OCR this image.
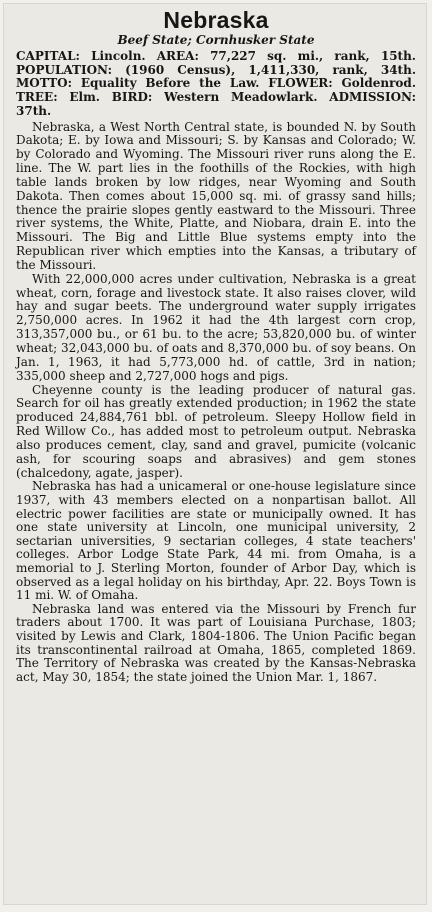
Nebraska
Beef State; Cornhusker State

CAPITAL: Lincoln. AREA: 77,227 sq. mi., rank, 15th. POPULATION: (1960 Census), 1,411,330, rank, 34th. MOTTO: Equality Before the Law. FLOWER: Goldenrod. TREE: Elm. BIRD: Western Meadowlark. ADMISSION: 37th.

Nebraska, a West North Central state, is bounded N. by South Dakota; E. by Iowa and Missouri; S. by Kansas and Colorado; W. by Colorado and Wyoming. The Missouri river runs along the E. line. The W. part lies in the foothills of the Rockies, with high table lands broken by low ridges, near Wyoming and South Dakota. Then comes about 15,000 sq. mi. of grassy sand hills; thence the prairie slopes gently eastward to the Missouri. Three river systems, the White, Platte, and Niobara, drain E. into the Missouri. The Big and Little Blue systems empty into the Republican river which empties into the Kansas, a tributary of the Missouri.

With 22,000,000 acres under cultivation, Nebraska is a great wheat, corn, forage and livestock state. It also raises clover, wild hay and sugar beets. The underground water supply irrigates 2,750,000 acres. In 1962 it had the 4th largest corn crop, 313,357,000 bu., or 61 bu. to the acre; 53,820,000 bu. of winter wheat; 32,043,000 bu. of oats and 8,370,000 bu. of soy beans. On Jan. 1, 1963, it had 5,773,000 hd. of cattle, 3rd in nation; 335,000 sheep and 2,727,000 hogs and pigs.

Cheyenne county is the leading producer of natural gas. Search for oil has greatly extended production; in 1962 the state produced 24,884,761 bbl. of petroleum. Sleepy Hollow field in Red Willow Co., has added most to petroleum output. Nebraska also produces cement, clay, sand and gravel, pumicite (volcanic ash, for scouring soaps and abrasives) and gem stones (chalcedony, agate, jasper).

Nebraska has had a unicameral or one-house legislature since 1937, with 43 members elected on a nonpartisan ballot. All electric power facilities are state or municipally owned. It has one state university at Lincoln, one municipal university, 2 sectarian universities, 9 sectarian colleges, 4 state teachers' colleges. Arbor Lodge State Park, 44 mi. from Omaha, is a memorial to J. Sterling Morton, founder of Arbor Day, which is observed as a legal holiday on his birthday, Apr. 22. Boys Town is 11 mi. W. of Omaha.

Nebraska land was entered via the Missouri by French fur traders about 1700. It was part of Louisiana Purchase, 1803; visited by Lewis and Clark, 1804-1806. The Union Pacific began its transcontinental railroad at Omaha, 1865, completed 1869. The Territory of Nebraska was created by the Kansas-Nebraska act, May 30, 1854; the state joined the Union Mar. 1, 1867.
